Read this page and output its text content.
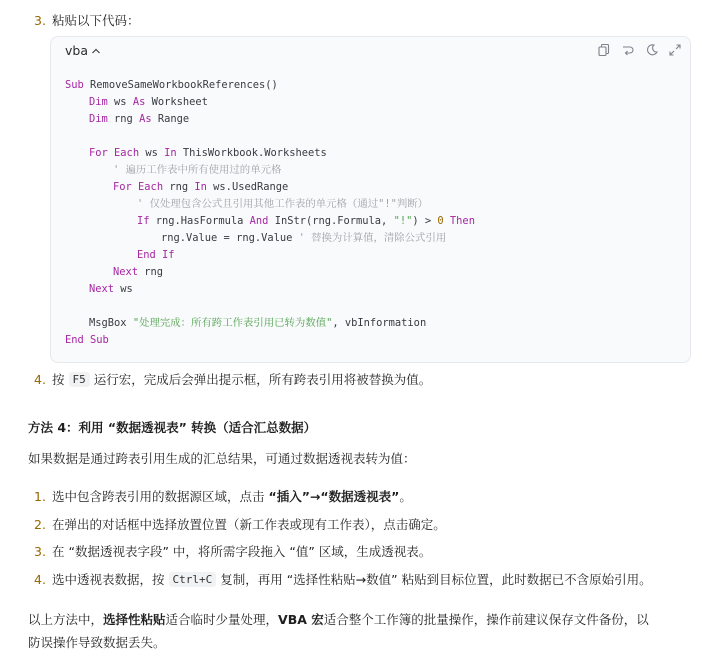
3. 粘贴以下代码：
vba
Sub RemoveSameWorkbookReferences()
Dim ws As Worksheet
Dim rng As Range
For Each ws In ThisWorkbook.Worksheets
' 遍历工作表中所有使用过的单元格
For Each rng In ws.UsedRange
' 仅处理包含公式且引用其他工作表的单元格（通过"!"判断）
If rng.HasFormula And InStr(rng.Formula, "!") > 0 Then
rng.Value = rng.Value ' 替换为计算值，清除公式引用
End If
Next rng
Next ws
MsgBox "处理完成：所有跨工作表引用已转为数值", vbInformation
End Sub
4. 按
F5
运行宏，完成后会弹出提示框，所有跨表引用将被替换为值。
方法 4：利用 “数据透视表” 转换（适合汇总数据）
如果数据是通过跨表引用生成的汇总结果，可通过数据透视表转为值：
1. 选中包含跨表引用的数据源区域，点击
“插入”→“数据透视表” 。
2. 在弹出的对话框中选择放置位置（新工作表或现有工作表），点击确定。
3. 在 “数据透视表字段” 中，将所需字段拖入 “值” 区域，生成透视表。
4. 选中透视表数据，按
Ctrl+C
复制，再用 “选择性粘贴→数值” 粘贴到目标位置，此时数据已不含原始引用。
以上方法中，选择性粘贴适合临时少量处理，VBA 宏适合整个工作簿的批量操作，操作前建议保存文件备份，以
防误操作导致数据丢失。
